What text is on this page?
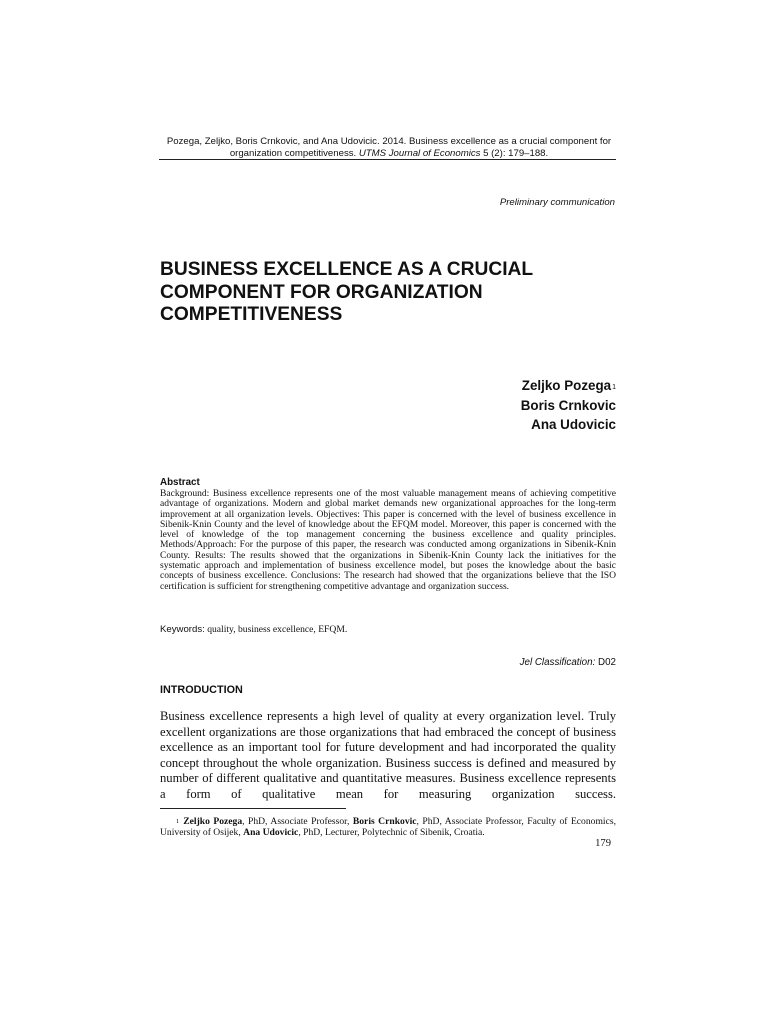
Pozega, Zeljko, Boris Crnkovic, and Ana Udovicic. 2014. Business excellence as a crucial component for
organization competitiveness. UTMS Journal of Economics 5 (2): 179–188.
Preliminary communication
BUSINESS EXCELLENCE AS A CRUCIAL
COMPONENT FOR ORGANIZATION
COMPETITIVENESS
Zeljko Pozega$^1$
Boris Crnkovic
Ana Udovicic
Abstract
Background: Business excellence represents one of the most valuable management means of achieving competitive advantage of organizations. Modern and global market demands new organizational approaches for the long-term improvement at all organization levels. Objectives: This paper is concerned with the level of business excellence in Sibenik-Knin County and the level of knowledge about the EFQM model. Moreover, this paper is concerned with the level of knowledge of the top management concerning the business excellence and quality principles. Methods/Approach: For the purpose of this paper, the research was conducted among organizations in Sibenik-Knin County. Results: The results showed that the organizations in Sibenik-Knin County lack the initiatives for the systematic approach and implementation of business excellence model, but poses the knowledge about the basic concepts of business excellence. Conclusions: The research had showed that the organizations believe that the ISO certification is sufficient for strengthening competitive advantage and organization success.
Keywords: quality, business excellence, EFQM.
Jel Classification: D02
INTRODUCTION
Business excellence represents a high level of quality at every organization level. Truly excellent organizations are those organizations that had embraced the concept of business excellence as an important tool for future development and had incorporated the quality concept throughout the whole organization. Business success is defined and measured by number of different qualitative and quantitative measures. Business excellence represents a form of qualitative mean for measuring organization success.
$^1$ Zeljko Pozega, PhD, Associate Professor, Boris Crnkovic, PhD, Associate Professor, Faculty of Economics, University of Osijek, Ana Udovicic, PhD, Lecturer, Polytechnic of Sibenik, Croatia.
179
